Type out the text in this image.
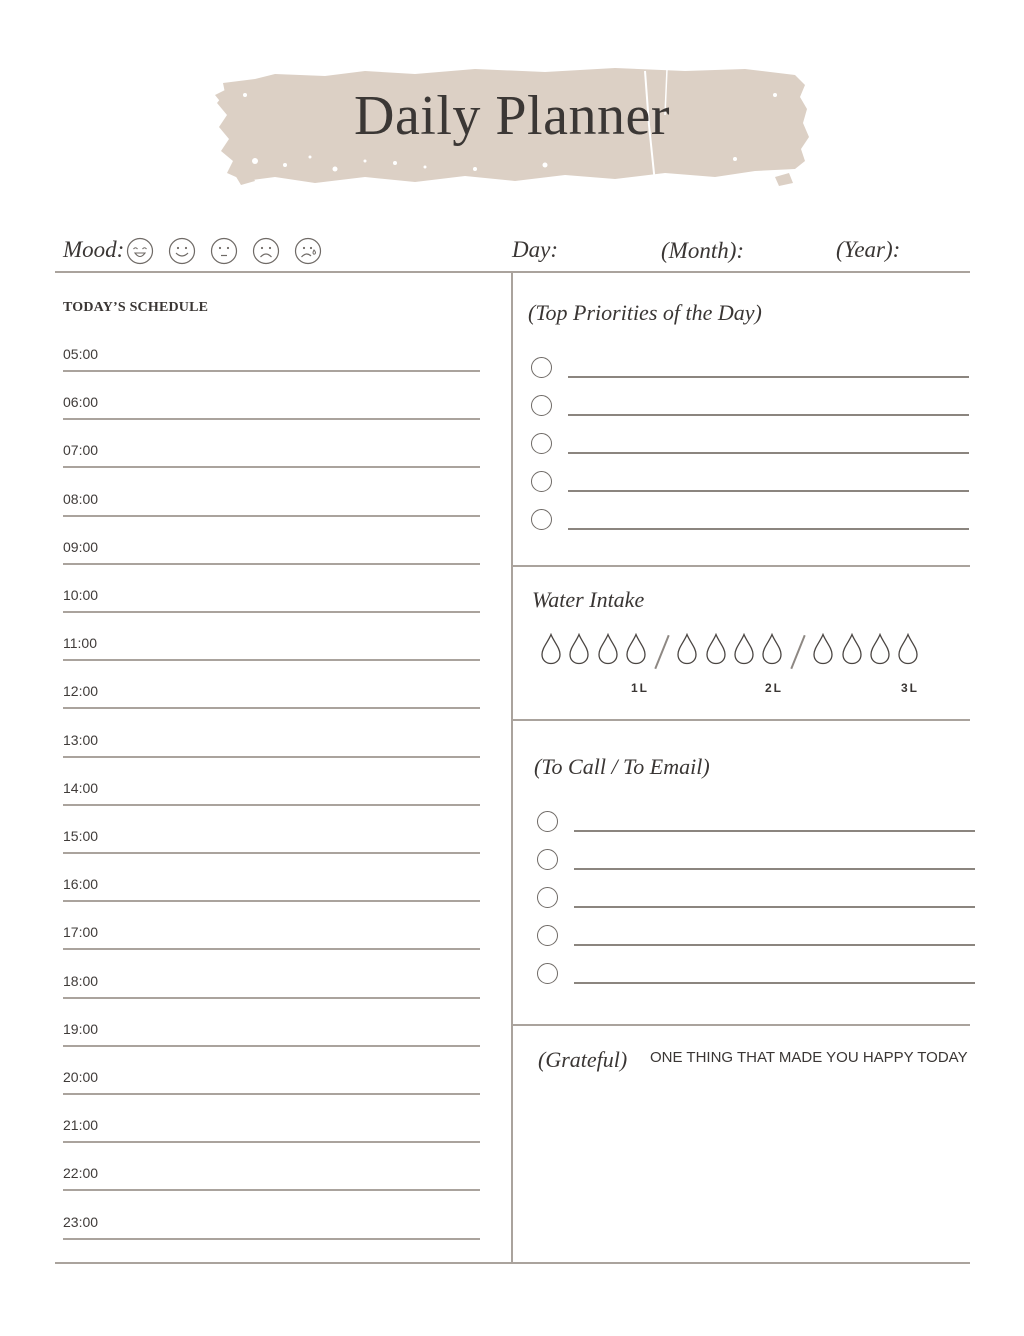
Daily Planner
Mood:	Day:	(Month):	(Year):
TODAY’S SCHEDULE
05:00
06:00
07:00
08:00
09:00
10:00
11:00
12:00
13:00
14:00
15:00
16:00
17:00
18:00
19:00
20:00
21:00
22:00
23:00
(Top Priorities of the Day)
Water Intake
1L	2L	3L
(To Call / To Email)
(Grateful) ONE THING THAT MADE YOU HAPPY TODAY
